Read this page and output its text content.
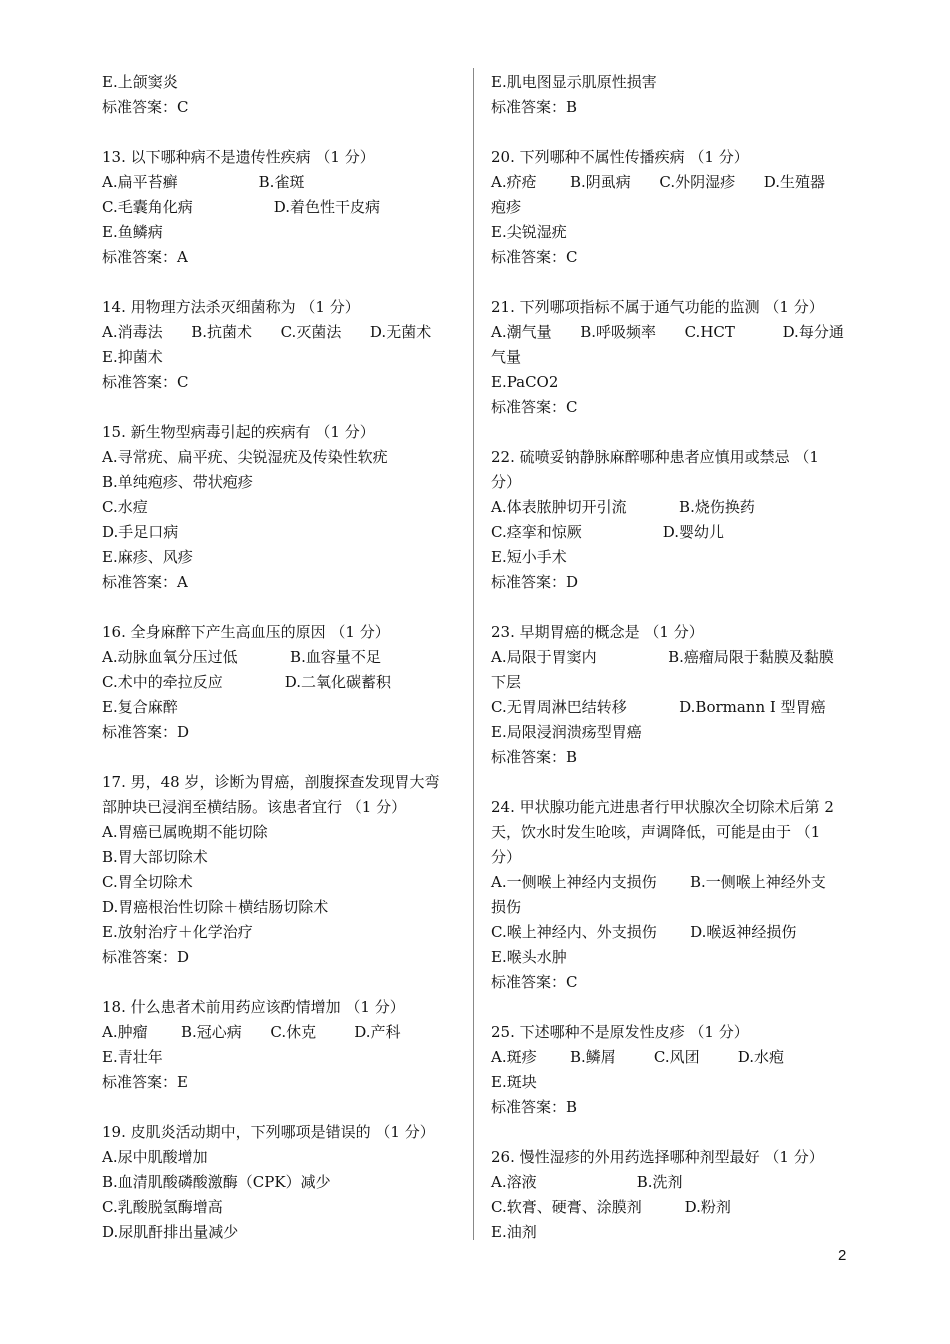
E.上颌窦炎
标准答案：C
13. 以下哪种病不是遗传性疾病 （1 分）
A.扁平苔癣                 B.雀斑
C.毛囊角化病                 D.着色性干皮病
E.鱼鳞病
标准答案：A
14. 用物理方法杀灭细菌称为 （1 分）
A.消毒法      B.抗菌术      C.灭菌法      D.无菌术
E.抑菌术
标准答案：C
15. 新生物型病毒引起的疾病有 （1 分）
A.寻常疣、扁平疣、尖锐湿疣及传染性软疣
B.单纯疱疹、带状疱疹
C.水痘
D.手足口病
E.麻疹、风疹
标准答案：A
16. 全身麻醉下产生高血压的原因 （1 分）
A.动脉血氧分压过低           B.血容量不足
C.术中的牵拉反应             D.二氧化碳蓄积
E.复合麻醉
标准答案：D
17. 男，48 岁，诊断为胃癌，剖腹探查发现胃大弯
部肿块已浸润至横结肠。该患者宜行 （1 分）
A.胃癌已属晚期不能切除
B.胃大部切除术
C.胃全切除术
D.胃癌根治性切除＋横结肠切除术
E.放射治疗＋化学治疗
标准答案：D
18. 什么患者术前用药应该酌情增加 （1 分）
A.肿瘤       B.冠心病      C.休克        D.产科
E.青壮年
标准答案：E
19. 皮肌炎活动期中，下列哪项是错误的 （1 分）
A.尿中肌酸增加
B.血清肌酸磷酸激酶（CPK）减少
C.乳酸脱氢酶增高
D.尿肌酐排出量减少
E.肌电图显示肌原性损害
标准答案：B
20. 下列哪种不属性传播疾病 （1 分）
A.疥疮       B.阴虱病      C.外阴湿疹      D.生殖器
疱疹
E.尖锐湿疣
标准答案：C
21. 下列哪项指标不属于通气功能的监测 （1 分）
A.潮气量      B.呼吸频率      C.HCT          D.每分通
气量
E.PaCO2
标准答案：C
22. 硫喷妥钠静脉麻醉哪种患者应慎用或禁忌 （1
分）
A.体表脓肿切开引流           B.烧伤换药
C.痉挛和惊厥                 D.婴幼儿
E.短小手术
标准答案：D
23. 早期胃癌的概念是 （1 分）
A.局限于胃窦内               B.癌瘤局限于黏膜及黏膜
下层
C.无胃周淋巴结转移           D.Bormann I 型胃癌
E.局限浸润溃疡型胃癌
标准答案：B
24. 甲状腺功能亢进患者行甲状腺次全切除术后第 2
天，饮水时发生呛咳，声调降低，可能是由于 （1
分）
A.一侧喉上神经内支损伤       B.一侧喉上神经外支
损伤
C.喉上神经内、外支损伤       D.喉返神经损伤
E.喉头水肿
标准答案：C
25. 下述哪种不是原发性皮疹 （1 分）
A.斑疹       B.鳞屑        C.风团        D.水疱
E.斑块
标准答案：B
26. 慢性湿疹的外用药选择哪种剂型最好 （1 分）
A.溶液                     B.洗剂
C.软膏、硬膏、涂膜剂         D.粉剂
E.油剂
2
